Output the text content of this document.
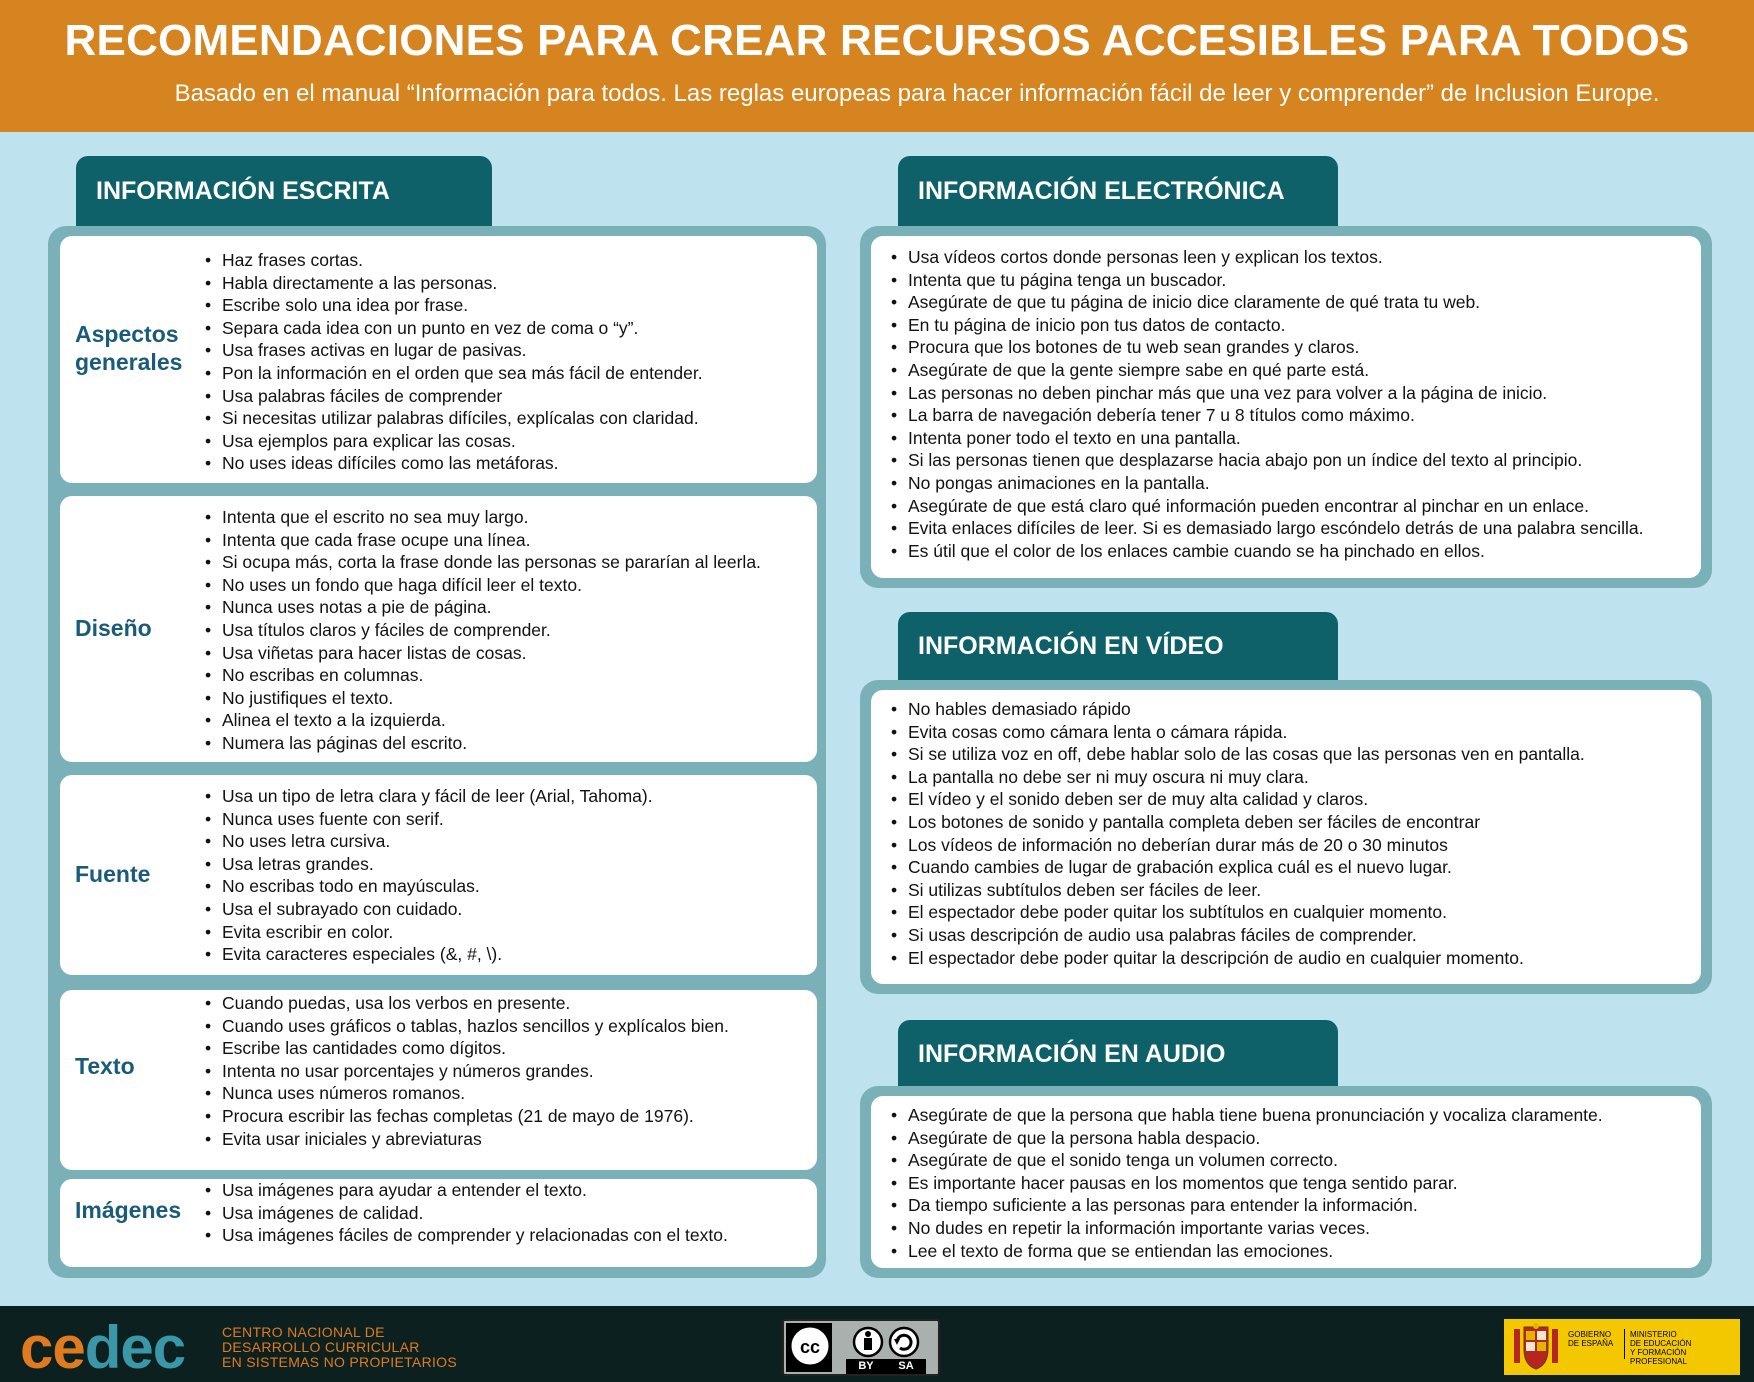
RECOMENDACIONES PARA CREAR RECURSOS ACCESIBLES PARA TODOS
Basado en el manual “Información para todos. Las reglas europeas para hacer información fácil de leer y comprender” de Inclusion Europe.
INFORMACIÓN ESCRITA
Aspectos generales
• Haz frases cortas.
• Habla directamente a las personas.
• Escribe solo una idea por frase.
• Separa cada idea con un punto en vez de coma o “y”.
• Usa frases activas en lugar de pasivas.
• Pon la información en el orden que sea más fácil de entender.
• Usa palabras fáciles de comprender
• Si necesitas utilizar palabras difíciles, explícalas con claridad.
• Usa ejemplos para explicar las cosas.
• No uses ideas difíciles como las metáforas.
Diseño
• Intenta que el escrito no sea muy largo.
• Intenta que cada frase ocupe una línea.
• Si ocupa más, corta la frase donde las personas se pararían al leerla.
• No uses un fondo que haga difícil leer el texto.
• Nunca uses notas a pie de página.
• Usa títulos claros y fáciles de comprender.
• Usa viñetas para hacer listas de cosas.
• No escribas en columnas.
• No justifiques el texto.
• Alinea el texto a la izquierda.
• Numera las páginas del escrito.
Fuente
• Usa un tipo de letra clara y fácil de leer (Arial, Tahoma).
• Nunca uses fuente con serif.
• No uses letra cursiva.
• Usa letras grandes.
• No escribas todo en mayúsculas.
• Usa el subrayado con cuidado.
• Evita escribir en color.
• Evita caracteres especiales (&, #, \).
Texto
• Cuando puedas, usa los verbos en presente.
• Cuando uses gráficos o tablas, hazlos sencillos y explícalos bien.
• Escribe las cantidades como dígitos.
• Intenta no usar porcentajes y números grandes.
• Nunca uses números romanos.
• Procura escribir las fechas completas (21 de mayo de 1976).
• Evita usar iniciales y abreviaturas
Imágenes
• Usa imágenes para ayudar a entender el texto.
• Usa imágenes de calidad.
• Usa imágenes fáciles de comprender y relacionadas con el texto.
INFORMACIÓN ELECTRÓNICA
• Usa vídeos cortos donde personas leen y explican los textos.
• Intenta que tu página tenga un buscador.
• Asegúrate de que tu página de inicio dice claramente de qué trata tu web.
• En tu página de inicio pon tus datos de contacto.
• Procura que los botones de tu web sean grandes y claros.
• Asegúrate de que la gente siempre sabe en qué parte está.
• Las personas no deben pinchar más que una vez para volver a la página de inicio.
• La barra de navegación debería tener 7 u 8 títulos como máximo.
• Intenta poner todo el texto en una pantalla.
• Si las personas tienen que desplazarse hacia abajo pon un índice del texto al principio.
• No pongas animaciones en la pantalla.
• Asegúrate de que está claro qué información pueden encontrar al pinchar en un enlace.
• Evita enlaces difíciles de leer. Si es demasiado largo escóndelo detrás de una palabra sencilla.
• Es útil que el color de los enlaces cambie cuando se ha pinchado en ellos.
INFORMACIÓN EN VÍDEO
• No hables demasiado rápido
• Evita cosas como cámara lenta o cámara rápida.
• Si se utiliza voz en off, debe hablar solo de las cosas que las personas ven en pantalla.
• La pantalla no debe ser ni muy oscura ni muy clara.
• El vídeo y el sonido deben ser de muy alta calidad y claros.
• Los botones de sonido y pantalla completa deben ser fáciles de encontrar
• Los vídeos de información no deberían durar más de 20 o 30 minutos
• Cuando cambies de lugar de grabación explica cuál es el nuevo lugar.
• Si utilizas subtítulos deben ser fáciles de leer.
• El espectador debe poder quitar los subtítulos en cualquier momento.
• Si usas descripción de audio usa palabras fáciles de comprender.
• El espectador debe poder quitar la descripción de audio en cualquier momento.
INFORMACIÓN EN AUDIO
• Asegúrate de que la persona que habla tiene buena pronunciación y vocaliza claramente.
• Asegúrate de que la persona habla despacio.
• Asegúrate de que el sonido tenga un volumen correcto.
• Es importante hacer pausas en los momentos que tenga sentido parar.
• Da tiempo suficiente a las personas para entender la información.
• No dudes en repetir la información importante varias veces.
• Lee el texto de forma que se entiendan las emociones.
cedec	CENTRO NACIONAL DE
DESARROLLO CURRICULAR
EN SISTEMAS NO PROPIETARIOS
cc
BY	SA
GOBIERNO
DE ESPAÑA
MINISTERIO
DE EDUCACIÓN
Y FORMACIÓN PROFESIONAL
